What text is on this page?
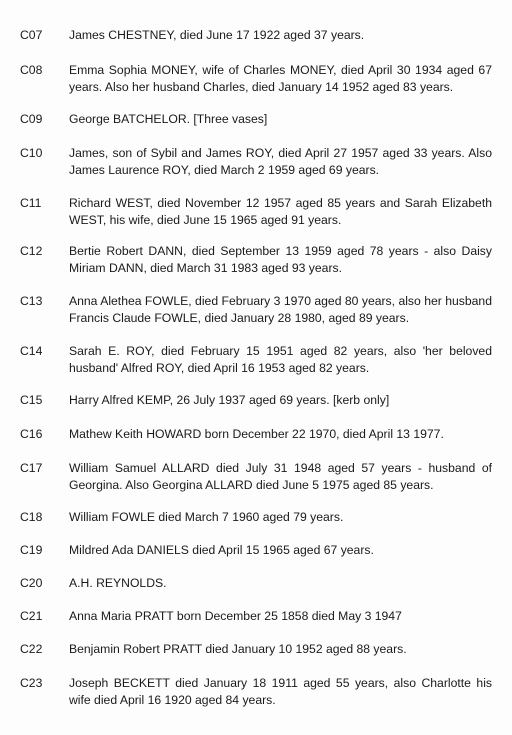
C07	James CHESTNEY, died June 17 1922 aged 37 years.
C08	Emma Sophia MONEY, wife of Charles MONEY, died April 30 1934 aged 67 years. Also her husband Charles, died January 14 1952 aged 83 years.
C09	George BATCHELOR. [Three vases]
C10	James, son of Sybil and James ROY, died April 27 1957 aged 33 years. Also James Laurence ROY, died March 2 1959 aged 69 years.
C11	Richard WEST, died November 12 1957 aged 85 years and Sarah Elizabeth WEST, his wife, died June 15 1965 aged 91 years.
C12	Bertie Robert DANN, died September 13 1959 aged 78 years - also Daisy Miriam DANN, died March 31 1983 aged 93 years.
C13	Anna Alethea FOWLE, died February 3 1970 aged 80 years, also her husband Francis Claude FOWLE, died January 28 1980, aged 89 years.
C14	Sarah E. ROY, died February 15 1951 aged 82 years, also 'her beloved husband' Alfred ROY, died April 16 1953 aged 82 years.
C15	Harry Alfred KEMP, 26 July 1937 aged 69 years. [kerb only]
C16	Mathew Keith HOWARD born December 22 1970, died April 13 1977.
C17	William Samuel ALLARD died July 31 1948 aged 57 years - husband of Georgina. Also Georgina ALLARD died June 5 1975 aged 85 years.
C18	William FOWLE died March 7 1960 aged 79 years.
C19	Mildred Ada DANIELS died April 15 1965 aged 67 years.
C20	A.H. REYNOLDS.
C21	Anna Maria PRATT born December 25 1858 died May 3 1947
C22	Benjamin Robert PRATT died January 10 1952 aged 88 years.
C23	Joseph BECKETT died January 18 1911 aged 55 years, also Charlotte his wife died April 16 1920 aged 84 years.
